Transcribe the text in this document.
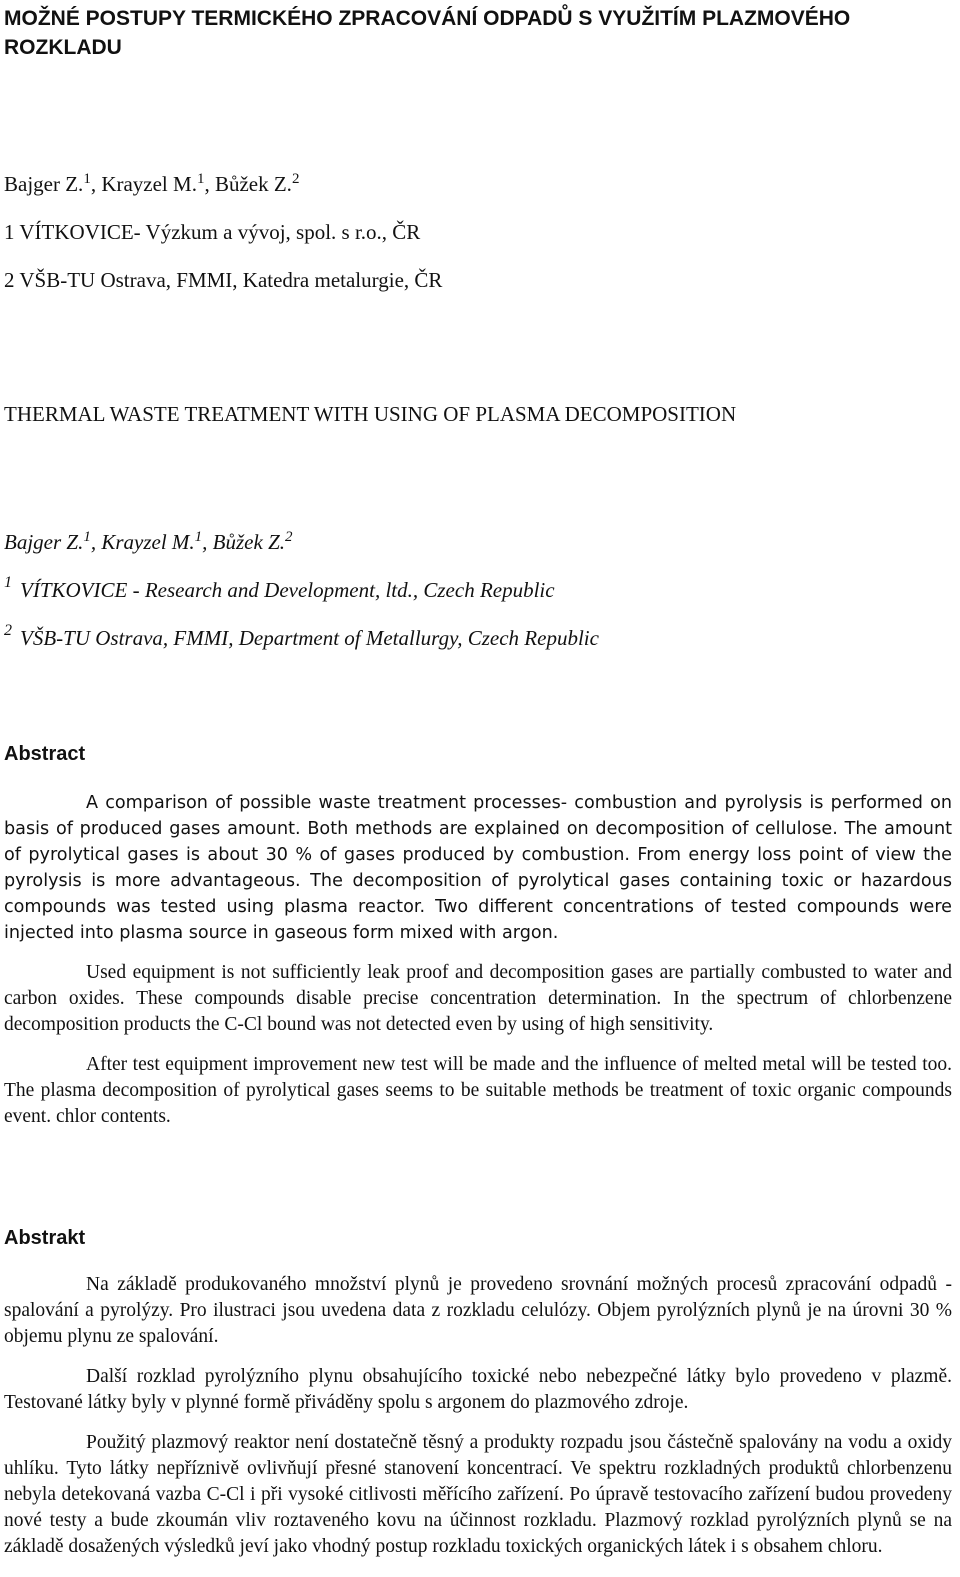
MOŽNÉ POSTUPY TERMICKÉHO ZPRACOVÁNÍ ODPADŮ S VYUŽITÍM PLAZMOVÉHO ROZKLADU
Bajger Z.$^1$, Krayzel M.$^1$, Bůžek Z.$^2$
1 VÍTKOVICE- Výzkum a vývoj, spol. s r.o., ČR
2 VŠB-TU Ostrava, FMMI, Katedra metalurgie, ČR
THERMAL WASTE TREATMENT WITH USING OF PLASMA DECOMPOSITION
Bajger Z.$^1$, Krayzel M.$^1$, Bůžek Z.$^2$
$^1$ VÍTKOVICE - Research and Development, ltd., Czech Republic
$^2$ VŠB-TU Ostrava, FMMI, Department of Metallurgy, Czech Republic
Abstract

A comparison of possible waste treatment processes- combustion and pyrolysis is performed on basis of produced gases amount. Both methods are explained on decomposition of cellulose. The amount of pyrolytical gases is about 30 % of gases produced by combustion. From energy loss point of view the pyrolysis is more advantageous. The decomposition of pyrolytical gases containing toxic or hazardous compounds was tested using plasma reactor. Two different concentrations of tested compounds were injected into plasma source in gaseous form mixed with argon.

Used equipment is not sufficiently leak proof and decomposition gases are partially combusted to water and carbon oxides. These compounds disable precise concentration determination. In the spectrum of chlorbenzene decomposition products the C-Cl bound was not detected even by using of high sensitivity.

After test equipment improvement new test will be made and the influence of melted metal will be tested too. The plasma decomposition of pyrolytical gases seems to be suitable methods be treatment of toxic organic compounds event. chlor contents.

Abstrakt

Na základě produkovaného množství plynů je provedeno srovnání možných procesů zpracování odpadů - spalování a pyrolýzy. Pro ilustraci jsou uvedena data z rozkladu celulózy. Objem pyrolýzních plynů je na úrovni 30 % objemu plynu ze spalování.

Další rozklad pyrolýzního plynu obsahujícího toxické nebo nebezpečné látky bylo provedeno v plazmě. Testované látky byly v plynné formě přiváděny spolu s argonem do plazmového zdroje.

Použitý plazmový reaktor není dostatečně těsný a produkty rozpadu jsou částečně spalovány na vodu a oxidy uhlíku. Tyto látky nepříznivě ovlivňují přesné stanovení koncentrací. Ve spektru rozkladných produktů chlorbenzenu nebyla detekovaná vazba C-Cl i při vysoké citlivosti měřícího zařízení. Po úpravě testovacího zařízení budou provedeny nové testy a bude zkoumán vliv roztaveného kovu na účinnost rozkladu. Plazmový rozklad pyrolýzních plynů se na základě dosažených výsledků jeví jako vhodný postup rozkladu toxických organických látek i s obsahem chloru.
